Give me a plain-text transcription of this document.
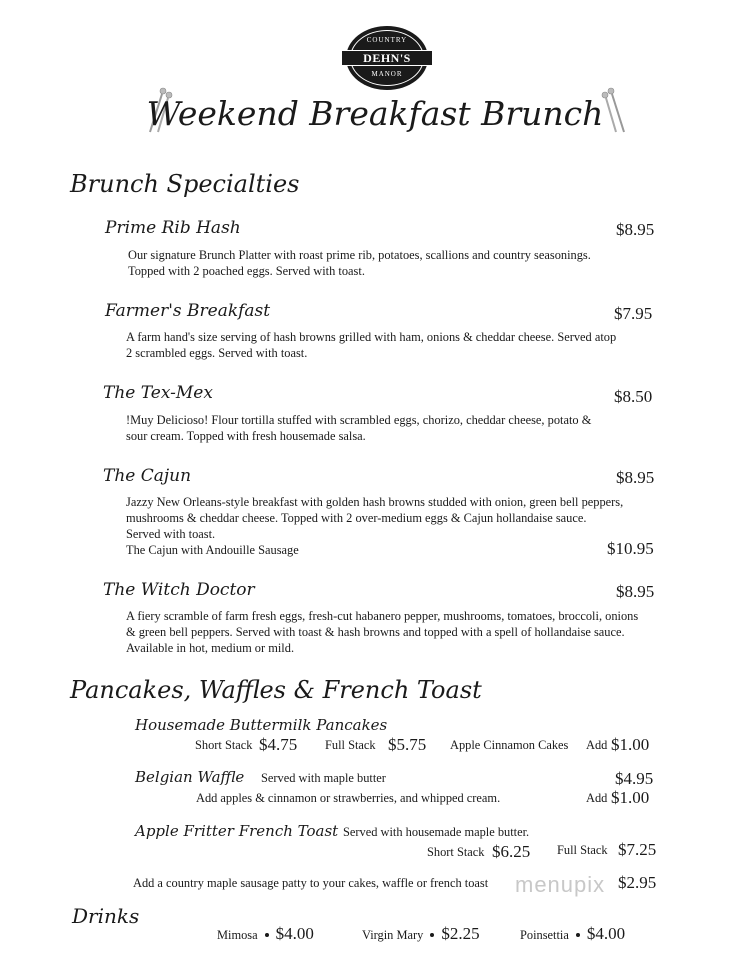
COUNTRY
DEHN'S
MANOR
Weekend Breakfast Brunch
Brunch Specialties
Prime Rib Hash	$8.95
Our signature Brunch Platter with roast prime rib, potatoes, scallions and country seasonings.
Topped with 2 poached eggs. Served with toast.
Farmer's Breakfast	$7.95
A farm hand's size serving of hash browns grilled with ham, onions & cheddar cheese. Served atop
2 scrambled eggs. Served with toast.
The Tex-Mex	$8.50
!Muy Delicioso! Flour tortilla stuffed with scrambled eggs, chorizo, cheddar cheese, potato &
sour cream. Topped with fresh housemade salsa.
The Cajun	$8.95
Jazzy New Orleans-style breakfast with golden hash browns studded with onion, green bell peppers,
mushrooms & cheddar cheese. Topped with 2 over-medium eggs & Cajun hollandaise sauce.
Served with toast.
The Cajun with Andouille Sausage	$10.95
The Witch Doctor	$8.95
A fiery scramble of farm fresh eggs, fresh-cut habanero pepper, mushrooms, tomatoes, broccoli, onions
& green bell peppers. Served with toast & hash browns and topped with a spell of hollandaise sauce.
Available in hot, medium or mild.
Pancakes, Waffles & French Toast
Housemade Buttermilk Pancakes
Short Stack $4.75 Full Stack $5.75 Apple Cinnamon Cakes Add $1.00
Belgian Waffle Served with maple butter	$4.95
Add apples & cinnamon or strawberries, and whipped cream.	Add $1.00
Apple Fritter French Toast Served with housemade maple butter.
Short Stack $6.25 Full Stack $7.25
Add a country maple sausage patty to your cakes, waffle or french toast	$2.95
menupix
Drinks
Mimosa $4.00	Virgin Mary $2.25	Poinsettia $4.00
